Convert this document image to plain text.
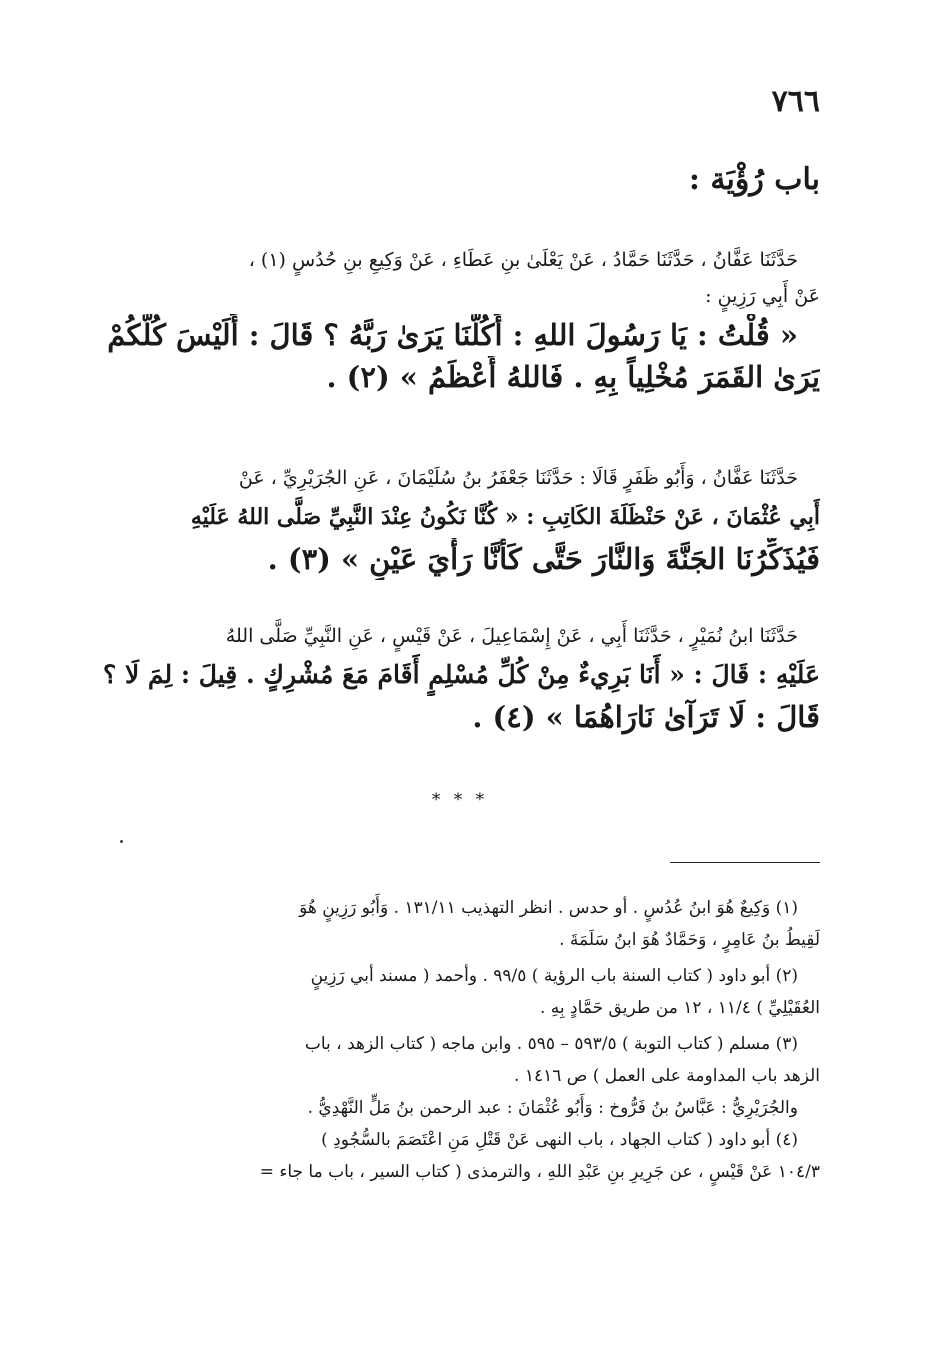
٧٦٦
باب رُؤْيَة :
حَدَّثَنَا عَفَّانُ ، حَدَّثَنَا حَمَّادُ ، عَنْ يَعْلَىٰ بنِ عَطَاءِ ، عَنْ وَكِيعِ بنِ حُدُسٍ (١) ،
عَنْ أَبِي رَزِينٍ :
« قُلْتُ : يَا رَسُولَ اللهِ : أَكُلُّنَا يَرَىٰ رَبَّهُ ؟ قَالَ : أَلَيْسَ كُلُّكُمْ
يَرَىٰ القَمَرَ مُخْلِياً بِهِ . فَاللهُ أَعْظَمُ » (٢) .
حَدَّثَنَا عَفَّانُ ، وَأَبُو ظَفَرٍ قَالَا : حَدَّثَنَا جَعْفَرُ بنُ سُلَيْمَانَ ، عَنِ الجُرَيْرِيِّ ، عَنْ
أَبِي عُثْمَانَ ، عَنْ حَنْظَلَةَ الكَاتِبِ : « كُنَّا نَكُونُ عِنْدَ النَّبِيِّ صَلَّى اللهُ عَلَيْهِ
فَيُذَكِّرُنَا الجَنَّةَ وَالنَّارَ حَتَّى كَأَنَّا رَأْيَ عَيْنٍ » (٣) .
حَدَّثَنَا ابنُ نُمَيْرٍ ، حَدَّثَنَا أَبِي ، عَنْ إِسْمَاعِيلَ ، عَنْ قَيْسٍ ، عَنِ النَّبِيِّ صَلَّى اللهُ
عَلَيْهِ : قَالَ : « أَنَا بَرِيءٌ مِنْ كُلِّ مُسْلِمٍ أَقَامَ مَعَ مُشْرِكٍ . قِيلَ : لِمَ لَا ؟
قَالَ : لَا تَرَآىٰ نَارَاهُمَا » (٤) .
* * *
(١) وَكِيعٌ هُوَ ابنُ عُدُسٍ . أو حدس . انظر التهذيب ١٣١/١١ . وَأَبُو رَزِينٍ هُوَ
لَقِيطُ بنُ عَامِرٍ ، وَحَمَّادٌ هُوَ ابنُ سَلَمَةَ .
(٢) أبو داود ( كتاب السنة باب الرؤية ) ٩٩/٥ . وأحمد ( مسند أبي رَزِينٍ
العُقَيْلِيِّ ) ١١/٤ ، ١٢ من طريق حَمَّادٍ بِهِ .
(٣) مسلم ( كتاب التوبة ) ٥٩٣/٥ – ٥٩٥ . وابن ماجه ( كتاب الزهد ، باب
الزهد باب المداومة على العمل ) ص ١٤١٦ .
والجُرَيْرِيُّ : عَبَّاسُ بنُ فَرُّوخ : وَأَبُو عُثْمَانَ : عبد الرحمن بنُ مَلٍّ النَّهْدِيُّ .
(٤) أبو داود ( كتاب الجهاد ، باب النهى عَنْ قَتْلِ مَنِ اعْتَصَمَ بالسُّجُودِ )
١٠٤/٣ عَنْ قَيْسٍ ، عن جَرِيرِ بنِ عَبْدِ اللهِ ، والترمذى ( كتاب السير ، باب ما جاء =
